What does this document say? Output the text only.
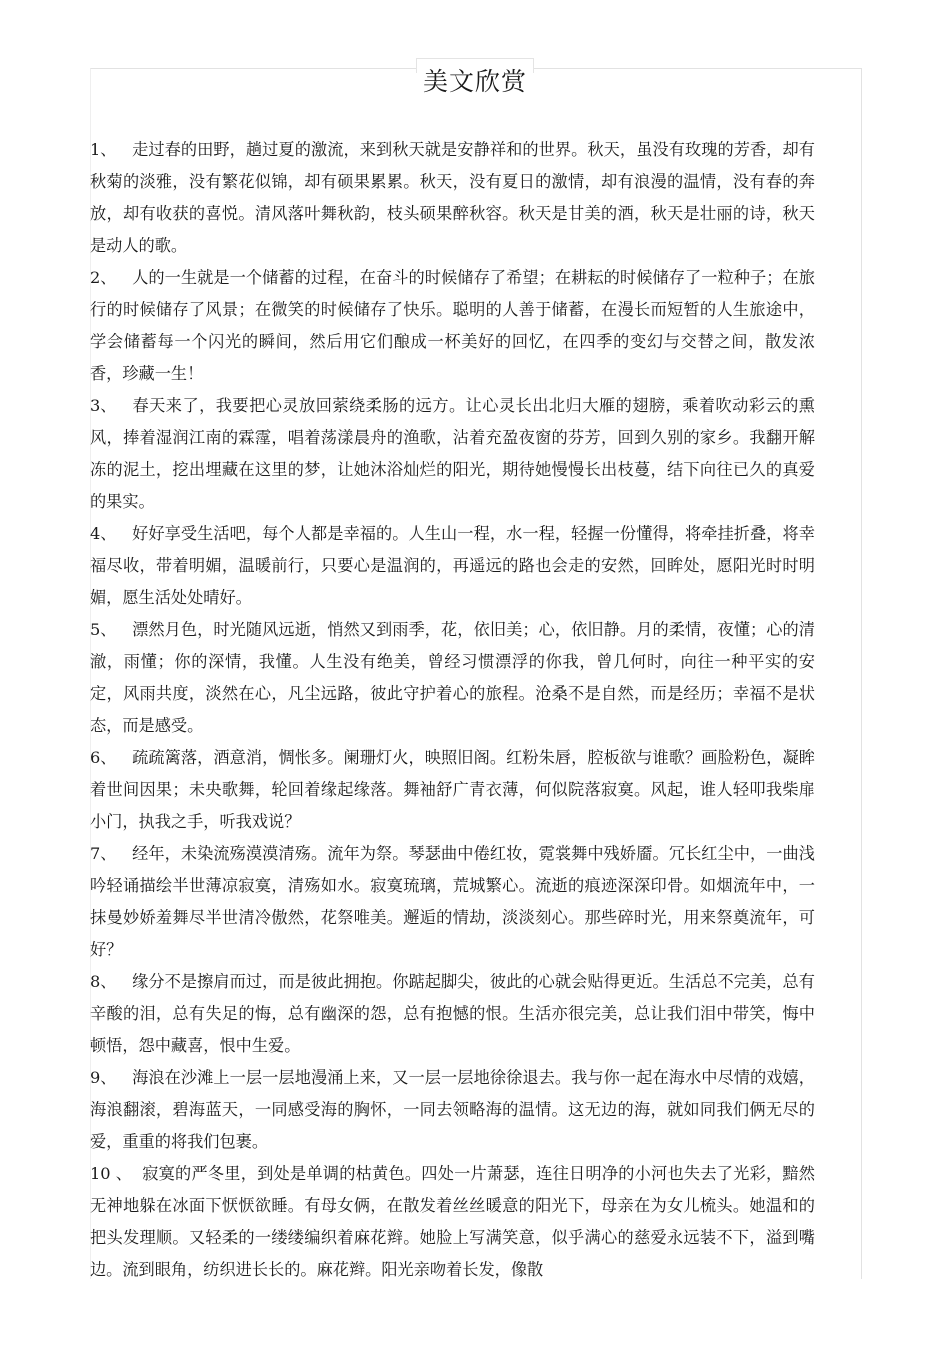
美文欣赏

1、 走过春的田野，趟过夏的激流，来到秋天就是安静祥和的世界。秋天，虽没有玫瑰的芳香，却有秋菊的淡雅，没有繁花似锦，却有硕果累累。秋天，没有夏日的激情，却有浪漫的温情，没有春的奔放，却有收获的喜悦。清风落叶舞秋韵，枝头硕果醉秋容。秋天是甘美的酒，秋天是壮丽的诗，秋天是动人的歌。

2、 人的一生就是一个储蓄的过程，在奋斗的时候储存了希望；在耕耘的时候储存了一粒种子；在旅行的时候储存了风景；在微笑的时候储存了快乐。聪明的人善于储蓄，在漫长而短暂的人生旅途中，学会储蓄每一个闪光的瞬间，然后用它们酿成一杯美好的回忆，在四季的变幻与交替之间，散发浓香，珍藏一生！

3、 春天来了，我要把心灵放回萦绕柔肠的远方。让心灵长出北归大雁的翅膀，乘着吹动彩云的熏风，捧着湿润江南的霖霪，唱着荡漾晨舟的渔歌，沾着充盈夜窗的芬芳，回到久别的家乡。我翻开解冻的泥土，挖出埋藏在这里的梦，让她沐浴灿烂的阳光，期待她慢慢长出枝蔓，结下向往已久的真爱的果实。

4、 好好享受生活吧，每个人都是幸福的。人生山一程，水一程，轻握一份懂得，将牵挂折叠，将幸福尽收，带着明媚，温暖前行，只要心是温润的，再遥远的路也会走的安然，回眸处，愿阳光时时明媚，愿生活处处晴好。

5、 漂然月色，时光随风远逝，悄然又到雨季，花，依旧美；心，依旧静。月的柔情，夜懂；心的清澈，雨懂；你的深情，我懂。人生没有绝美，曾经习惯漂浮的你我，曾几何时，向往一种平实的安定，风雨共度，淡然在心，凡尘远路，彼此守护着心的旅程。沧桑不是自然，而是经历；幸福不是状态，而是感受。

6、 疏疏篱落，酒意消，惆怅多。阑珊灯火，映照旧阁。红粉朱唇，腔板欲与谁歌？画脸粉色，凝眸着世间因果；未央歌舞，轮回着缘起缘落。舞袖舒广青衣薄，何似院落寂寞。风起，谁人轻叩我柴扉小门，执我之手，听我戏说？

7、 经年，未染流殇漠漠清殇。流年为祭。琴瑟曲中倦红妆，霓裳舞中残娇靥。冗长红尘中，一曲浅吟轻诵描绘半世薄凉寂寞，清殇如水。寂寞琉璃，荒城繁心。流逝的痕迹深深印骨。如烟流年中，一抹曼妙娇羞舞尽半世清冷傲然，花祭唯美。邂逅的情劫，淡淡刻心。那些碎时光，用来祭奠流年，可好？

8、 缘分不是擦肩而过，而是彼此拥抱。你踮起脚尖，彼此的心就会贴得更近。生活总不完美，总有辛酸的泪，总有失足的悔，总有幽深的怨，总有抱憾的恨。生活亦很完美，总让我们泪中带笑，悔中顿悟，怨中藏喜，恨中生爱。

9、 海浪在沙滩上一层一层地漫涌上来，又一层一层地徐徐退去。我与你一起在海水中尽情的戏嬉，海浪翻滚，碧海蓝天，一同感受海的胸怀，一同去领略海的温情。这无边的海，就如同我们俩无尽的爱，重重的将我们包裹。

10 、 寂寞的严冬里，到处是单调的枯黄色。四处一片萧瑟，连往日明净的小河也失去了光彩，黯然无神地躲在冰面下恹恹欲睡。有母女俩，在散发着丝丝暖意的阳光下，母亲在为女儿梳头。她温和的把头发理顺。又轻柔的一缕缕编织着麻花辫。她脸上写满笑意，似乎满心的慈爱永远装不下，溢到嘴边。流到眼角，纺织进长长的。麻花辫。阳光亲吻着长发，像散
